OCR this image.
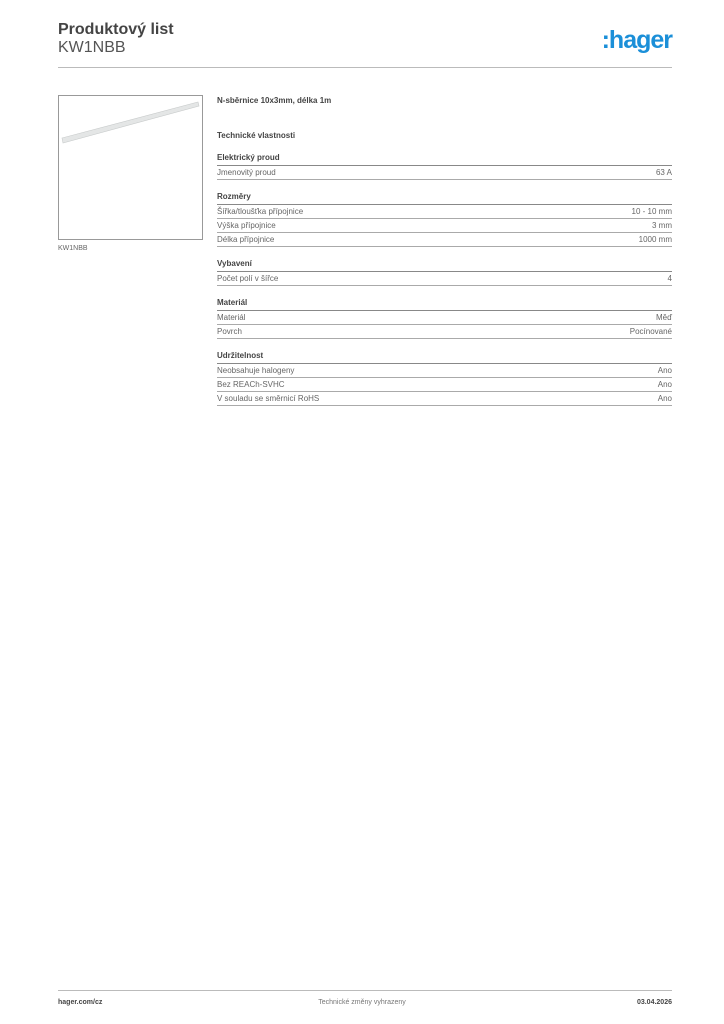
Produktový list
KW1NBB	:hager
KW1NBB
N-sběrnice 10x3mm, délka 1m
Technické vlastnosti
Elektrický proud
Jmenovitý proud	63 A
Rozměry
Šířka/tloušťka přípojnice	10 - 10 mm
Výška přípojnice	3 mm
Délka přípojnice	1000 mm
Vybavení
Počet polí v šířce	4
Materiál
Materiál	Měď
Povrch	Pocínované
Udržitelnost
Neobsahuje halogeny	Ano
Bez REACh-SVHC	Ano
V souladu se směrnicí RoHS	Ano
hager.com/cz	Technické změny vyhrazeny	03.04.2026
